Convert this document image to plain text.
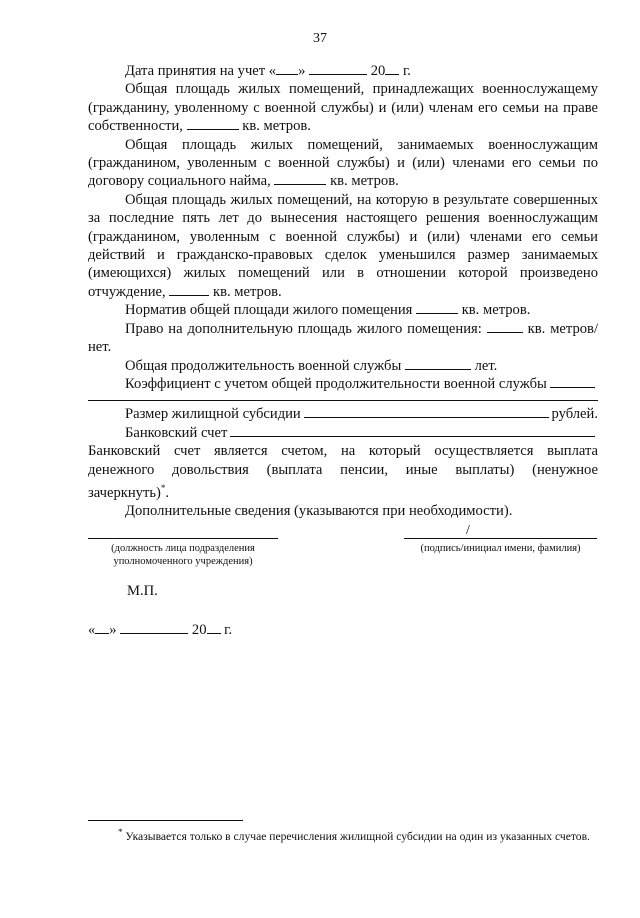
37

Дата принятия на учет « »	20 г.

Общая площадь жилых помещений, принадлежащих военнослужащему (гражданину, уволенному с военной службы) и (или) членам его семьи на праве собственности,	кв. метров.

Общая площадь жилых помещений, занимаемых военнослужащим (гражданином, уволенным с военной службы) и (или) членами его семьи по договору социального найма,	кв. метров.

Общая площадь жилых помещений, на которую в результате совершенных за последние пять лет до вынесения настоящего решения военнослужащим (гражданином, уволенным с военной службы) и (или) членами его семьи действий и гражданско-правовых сделок уменьшился размер занимаемых (имеющихся) жилых помещений или в отношении которой произведено отчуждение,	кв. метров.

Норматив общей площади жилого помещения	кв. метров.

Право на дополнительную площадь жилого помещения:	кв. метров/нет.

Общая продолжительность военной службы	лет.

Коэффициент с учетом общей продолжительности военной службы
Размер жилищной субсидии	рублей.
Банковский счет

Банковский счет является счетом, на который осуществляется выплата денежного довольствия (выплата пенсии, иные выплаты) (ненужное зачеркнуть)*.

Дополнительные сведения (указываются при необходимости).

(должность лица подразделения уполномоченного учреждения)
/
(подпись/инициал имени, фамилия)
М.П.
« »	20 г.

* Указывается только в случае перечисления жилищной субсидии на один из указанных счетов.
